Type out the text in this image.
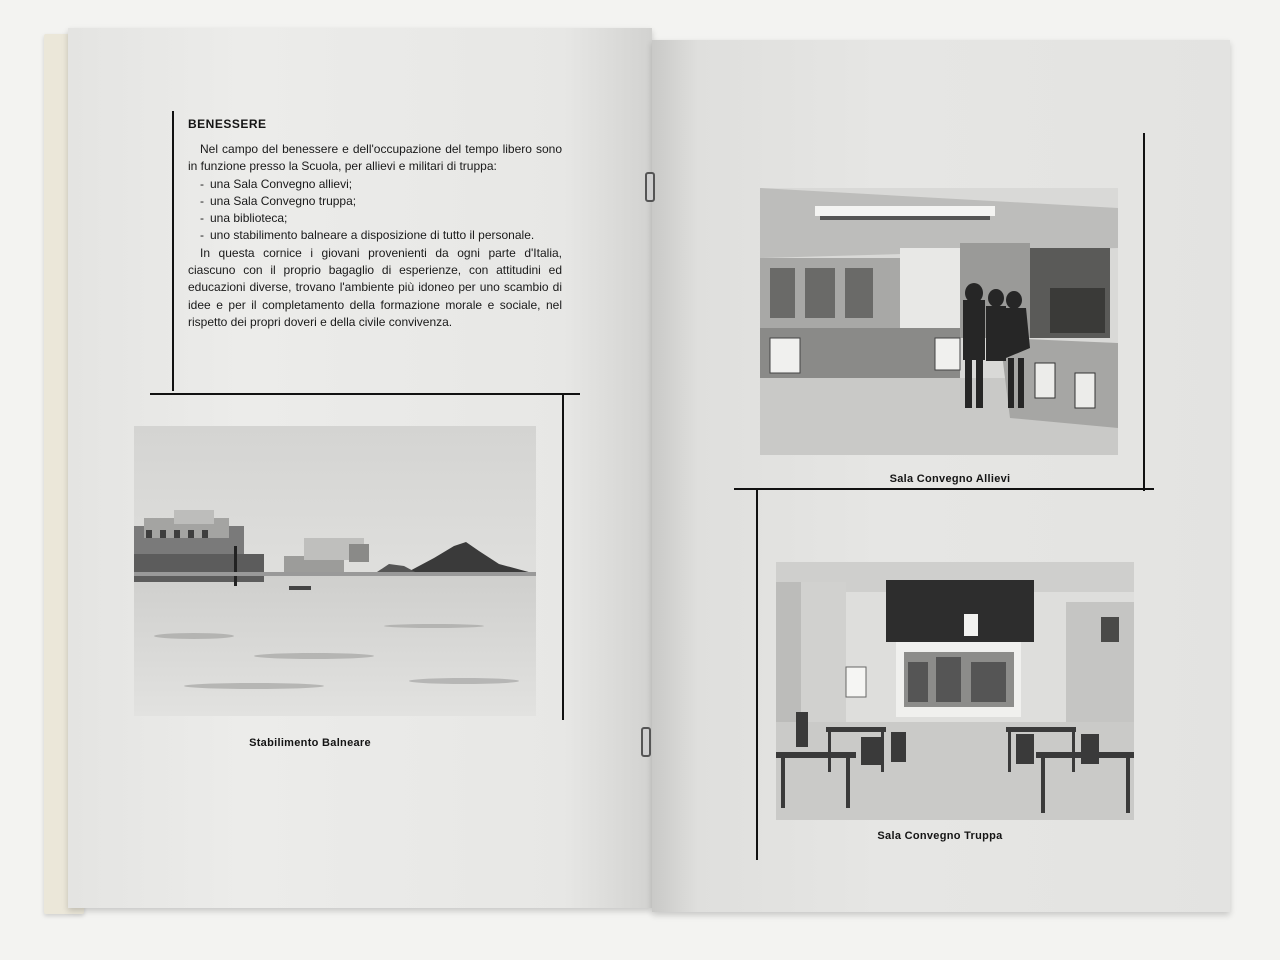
BENESSERE
Nel campo del benessere e dell'occupazione del tempo libero sono in funzione presso la Scuola, per allievi e militari di truppa:
- una Sala Convegno allievi;
- una Sala Convegno truppa;
- una biblioteca;
- uno stabilimento balneare a disposizione di tutto il personale.
In questa cornice i giovani provenienti da ogni parte d'Italia, ciascuno con il proprio bagaglio di esperienze, con attitudini ed educazioni diverse, trovano l'ambiente più idoneo per uno scambio di idee e per il completamento della formazione morale e sociale, nel rispetto dei propri doveri e della civile convivenza.
Stabilimento Balneare
Sala Convegno Allievi
Sala Convegno Truppa
